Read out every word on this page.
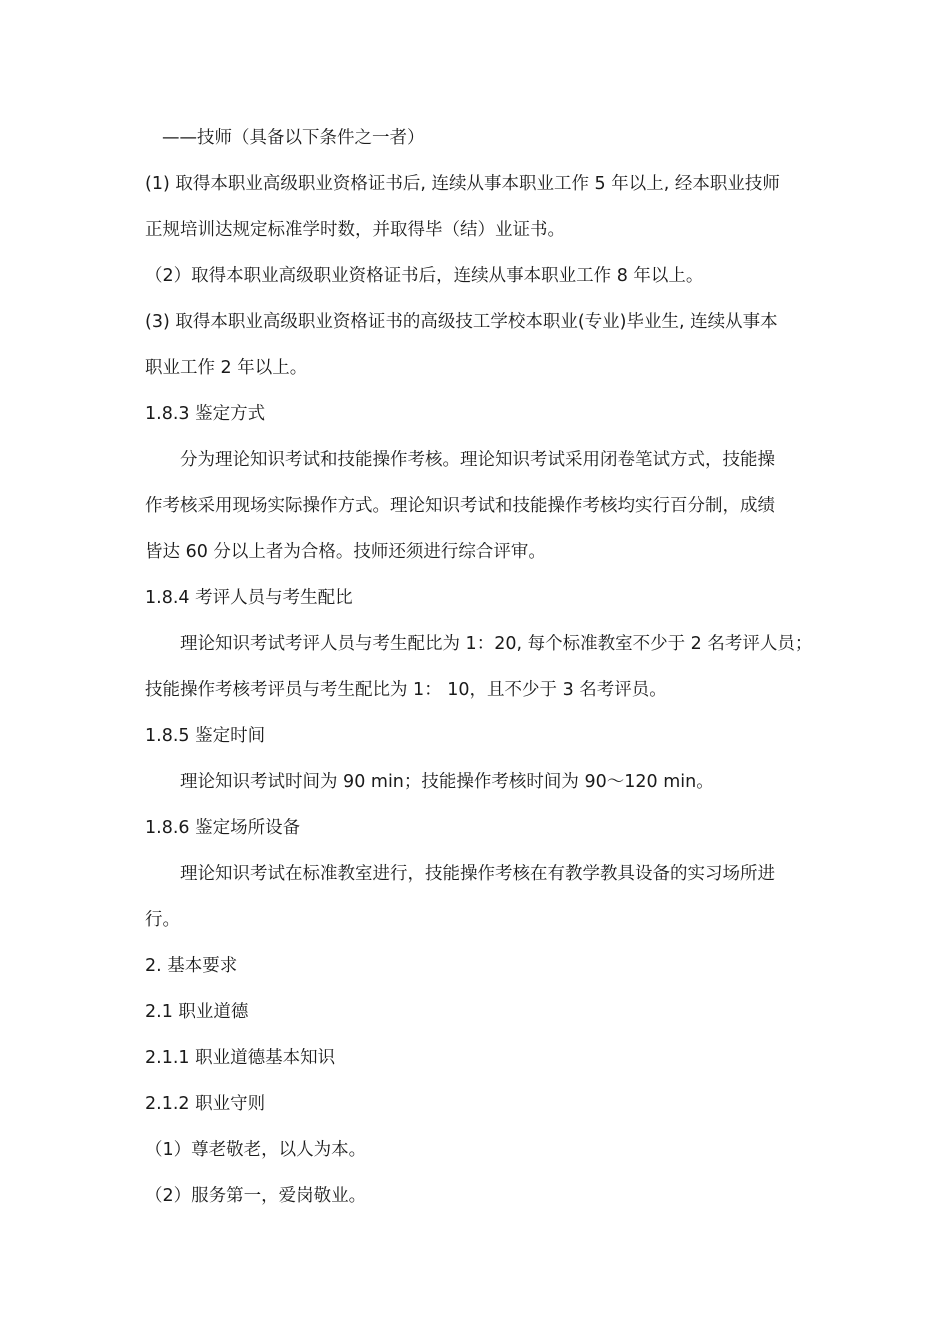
——技师（具备以下条件之一者）
(1) 取得本职业高级职业资格证书后, 连续从事本职业工作 5 年以上, 经本职业技师
正规培训达规定标准学时数，并取得毕（结）业证书。
（2）取得本职业高级职业资格证书后，连续从事本职业工作 8 年以上。
(3) 取得本职业高级职业资格证书的高级技工学校本职业(专业)毕业生, 连续从事本
职业工作 2 年以上。
1.8.3 鉴定方式
分为理论知识考试和技能操作考核。理论知识考试采用闭卷笔试方式，技能操
作考核采用现场实际操作方式。理论知识考试和技能操作考核均实行百分制，成绩
皆达 60 分以上者为合格。技师还须进行综合评审。
1.8.4 考评人员与考生配比
理论知识考试考评人员与考生配比为 1：20, 每个标准教室不少于 2 名考评人员；
技能操作考核考评员与考生配比为 1： 10，且不少于 3 名考评员。
1.8.5 鉴定时间
理论知识考试时间为 90 min；技能操作考核时间为 90～120 min。
1.8.6 鉴定场所设备
理论知识考试在标准教室进行，技能操作考核在有教学教具设备的实习场所进
行。
2. 基本要求
2.1 职业道德
2.1.1 职业道德基本知识
2.1.2 职业守则
（1）尊老敬老，以人为本。
（2）服务第一，爱岗敬业。
